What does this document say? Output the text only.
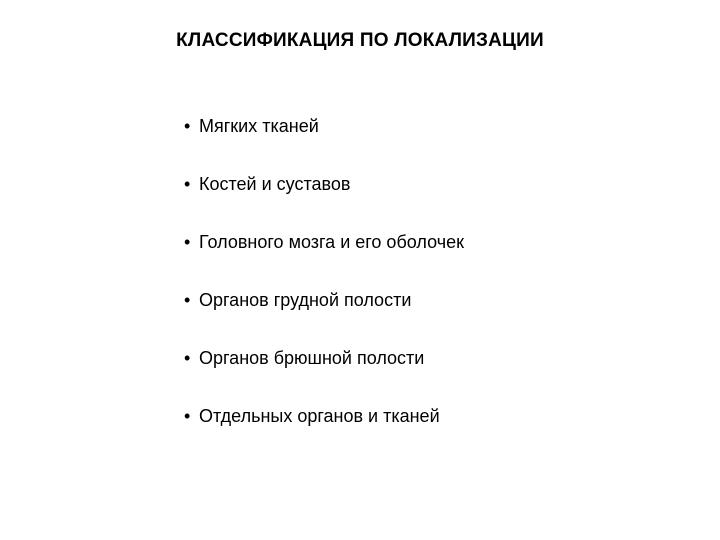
КЛАССИФИКАЦИЯ ПО ЛОКАЛИЗАЦИИ
• Мягких тканей
• Костей и суставов
• Головного мозга и его оболочек
• Органов грудной полости
• Органов брюшной полости
• Отдельных органов и тканей
